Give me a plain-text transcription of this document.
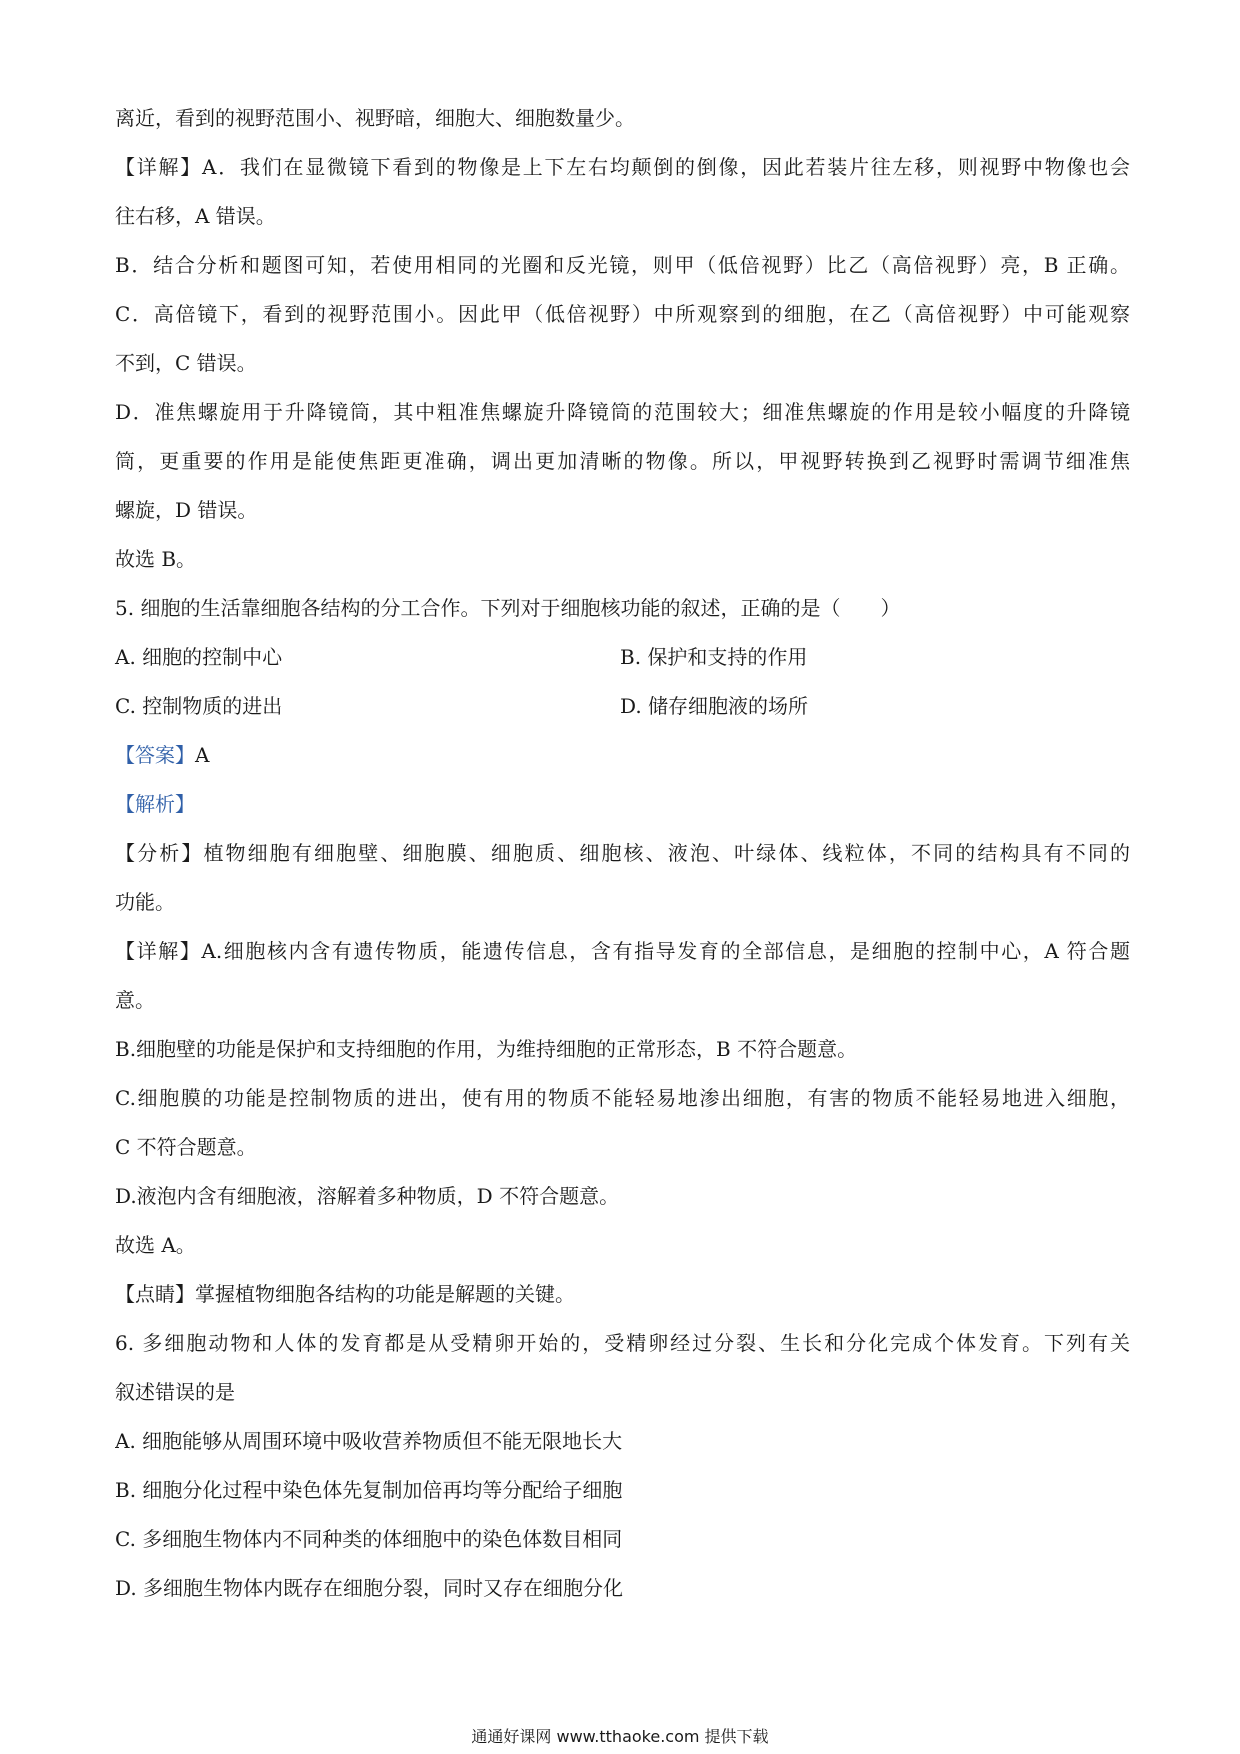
离近，看到的视野范围小、视野暗，细胞大、细胞数量少。

【详解】A．我们在显微镜下看到的物像是上下左右均颠倒的倒像，因此若装片往左移，则视野中物像也会

往右移，A 错误。

B．结合分析和题图可知，若使用相同的光圈和反光镜，则甲（低倍视野）比乙（高倍视野）亮，B 正确。

C．高倍镜下，看到的视野范围小。因此甲（低倍视野）中所观察到的细胞，在乙（高倍视野）中可能观察

不到，C 错误。

D．准焦螺旋用于升降镜筒，其中粗准焦螺旋升降镜筒的范围较大；细准焦螺旋的作用是较小幅度的升降镜

筒，更重要的作用是能使焦距更准确，调出更加清晰的物像。所以，甲视野转换到乙视野时需调节细准焦

螺旋，D 错误。

故选 B。

5. 细胞的生活靠细胞各结构的分工合作。下列对于细胞核功能的叙述，正确的是（　　）

A. 细胞的控制中心	B. 保护和支持的作用
C. 控制物质的进出	D. 储存细胞液的场所

【答案】A

【解析】

【分析】植物细胞有细胞壁、细胞膜、细胞质、细胞核、液泡、叶绿体、线粒体，不同的结构具有不同的

功能。

【详解】A.细胞核内含有遗传物质，能遗传信息，含有指导发育的全部信息，是细胞的控制中心，A 符合题

意。

B.细胞壁的功能是保护和支持细胞的作用，为维持细胞的正常形态，B 不符合题意。

C.细胞膜的功能是控制物质的进出，使有用的物质不能轻易地渗出细胞，有害的物质不能轻易地进入细胞，

C 不符合题意。

D.液泡内含有细胞液，溶解着多种物质，D 不符合题意。

故选 A。

【点睛】掌握植物细胞各结构的功能是解题的关键。

6. 多细胞动物和人体的发育都是从受精卵开始的，受精卵经过分裂、生长和分化完成个体发育。下列有关

叙述错误的是

A. 细胞能够从周围环境中吸收营养物质但不能无限地长大

B. 细胞分化过程中染色体先复制加倍再均等分配给子细胞

C. 多细胞生物体内不同种类的体细胞中的染色体数目相同

D. 多细胞生物体内既存在细胞分裂，同时又存在细胞分化

通通好课网 www.tthaoke.com 提供下载
